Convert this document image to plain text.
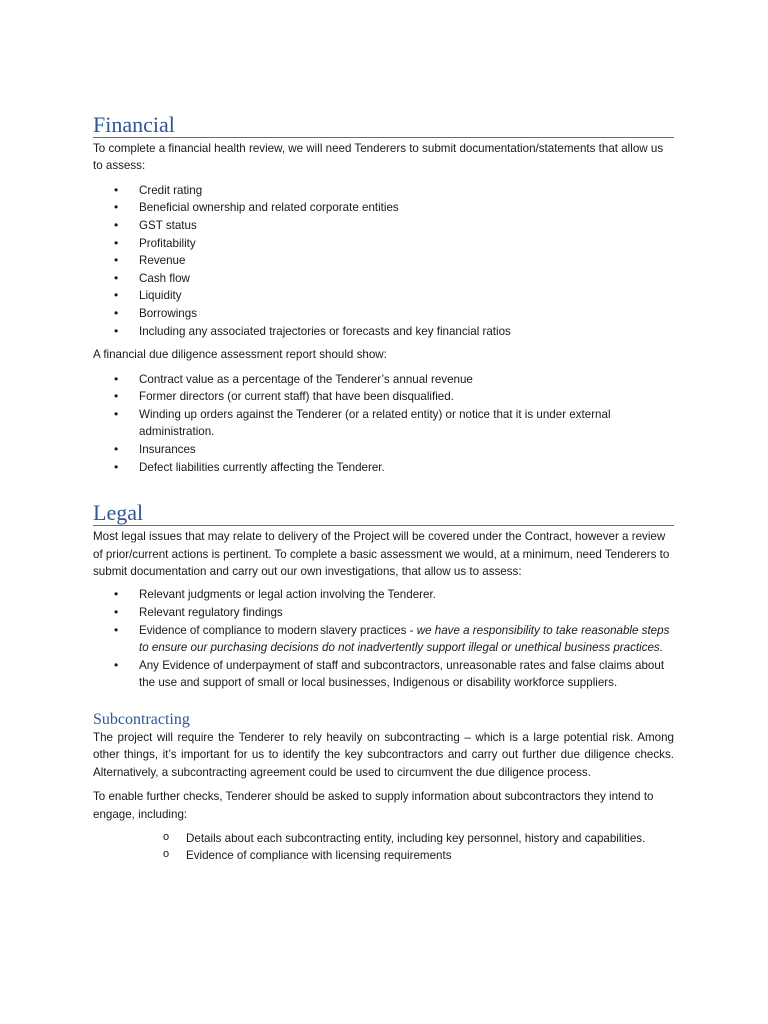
Financial

To complete a financial health review, we will need Tenderers to submit documentation/statements that allow us to assess:

• Credit rating
• Beneficial ownership and related corporate entities
• GST status
• Profitability
• Revenue
• Cash flow
• Liquidity
• Borrowings
• Including any associated trajectories or forecasts and key financial ratios

A financial due diligence assessment report should show:

• Contract value as a percentage of the Tenderer’s annual revenue
• Former directors (or current staff) that have been disqualified.
• Winding up orders against the Tenderer (or a related entity) or notice that it is under external administration.
• Insurances
• Defect liabilities currently affecting the Tenderer.
Legal

Most legal issues that may relate to delivery of the Project will be covered under the Contract, however a review of prior/current actions is pertinent. To complete a basic assessment we would, at a minimum, need Tenderers to submit documentation and carry out our own investigations, that allow us to assess:

• Relevant judgments or legal action involving the Tenderer.
• Relevant regulatory findings
• Evidence of compliance to modern slavery practices - we have a responsibility to take reasonable steps to ensure our purchasing decisions do not inadvertently support illegal or unethical business practices.
• Any Evidence of underpayment of staff and subcontractors, unreasonable rates and false claims about the use and support of small or local businesses, Indigenous or disability workforce suppliers.
Subcontracting

The project will require the Tenderer to rely heavily on subcontracting – which is a large potential risk. Among other things, it’s important for us to identify the key subcontractors and carry out further due diligence checks. Alternatively, a subcontracting agreement could be used to circumvent the due diligence process.

To enable further checks, Tenderer should be asked to supply information about subcontractors they intend to engage, including:

o Details about each subcontracting entity, including key personnel, history and capabilities.
o Evidence of compliance with licensing requirements
